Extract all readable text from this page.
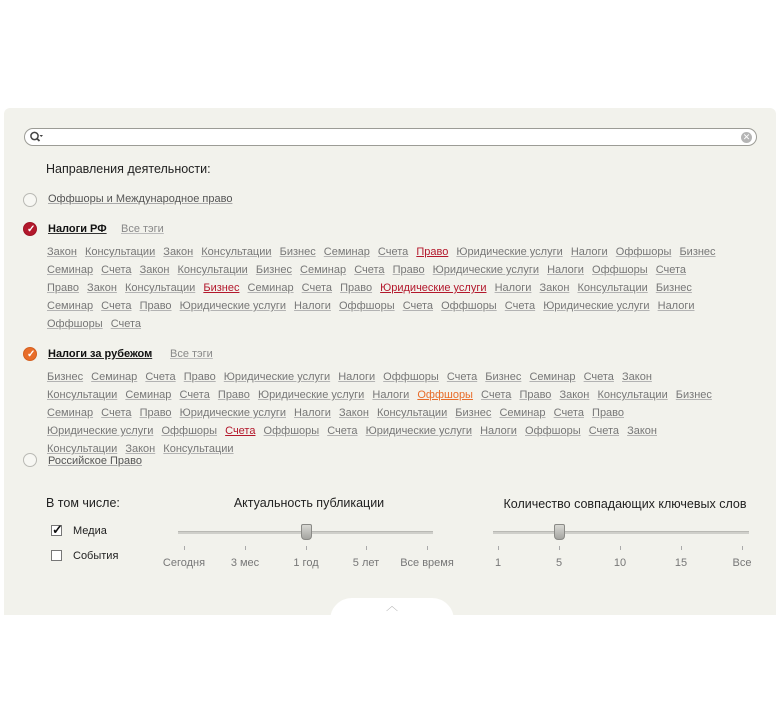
︿
✕
Направления деятельности:
Оффшоры и Международное право
✓ Налоги РФ Все тэги
Закон Консультации Закон Консультации Бизнес Семинар Счета Право Юридические услуги Налоги Оффшоры Бизнес Семинар Счета Закон Консультации Бизнес Семинар Счета Право Юридические услуги Налоги Оффшоры Счета Право Закон Консультации Бизнес Семинар Счета Право Юридические услуги Налоги Закон Консультации Бизнес Семинар Счета Право Юридические услуги Налоги Оффшоры Счета Оффшоры Счета Юридические услуги Налоги Оффшоры Счета
✓ Налоги за рубежом Все тэги
Бизнес Семинар Счета Право Юридические услуги Налоги Оффшоры Счета Бизнес Семинар Счета Закон Консультации Семинар Счета Право Юридические услуги Налоги Оффшоры Счета Право Закон Консультации Бизнес Семинар Счета Право Юридические услуги Налоги Закон Консультации Бизнес Семинар Счета Право Юридические услуги Оффшоры Счета Оффшоры Счета Юридические услуги Налоги Оффшоры Счета Закон Консультации Закон Консультации
Российское Право
В том числе:
✓ Медиа
События
Актуальность публикации
Сегодня 3 мес	1 год	5 лет Все время
Количество совпадающих ключевых слов
1	5	10	15	Все
